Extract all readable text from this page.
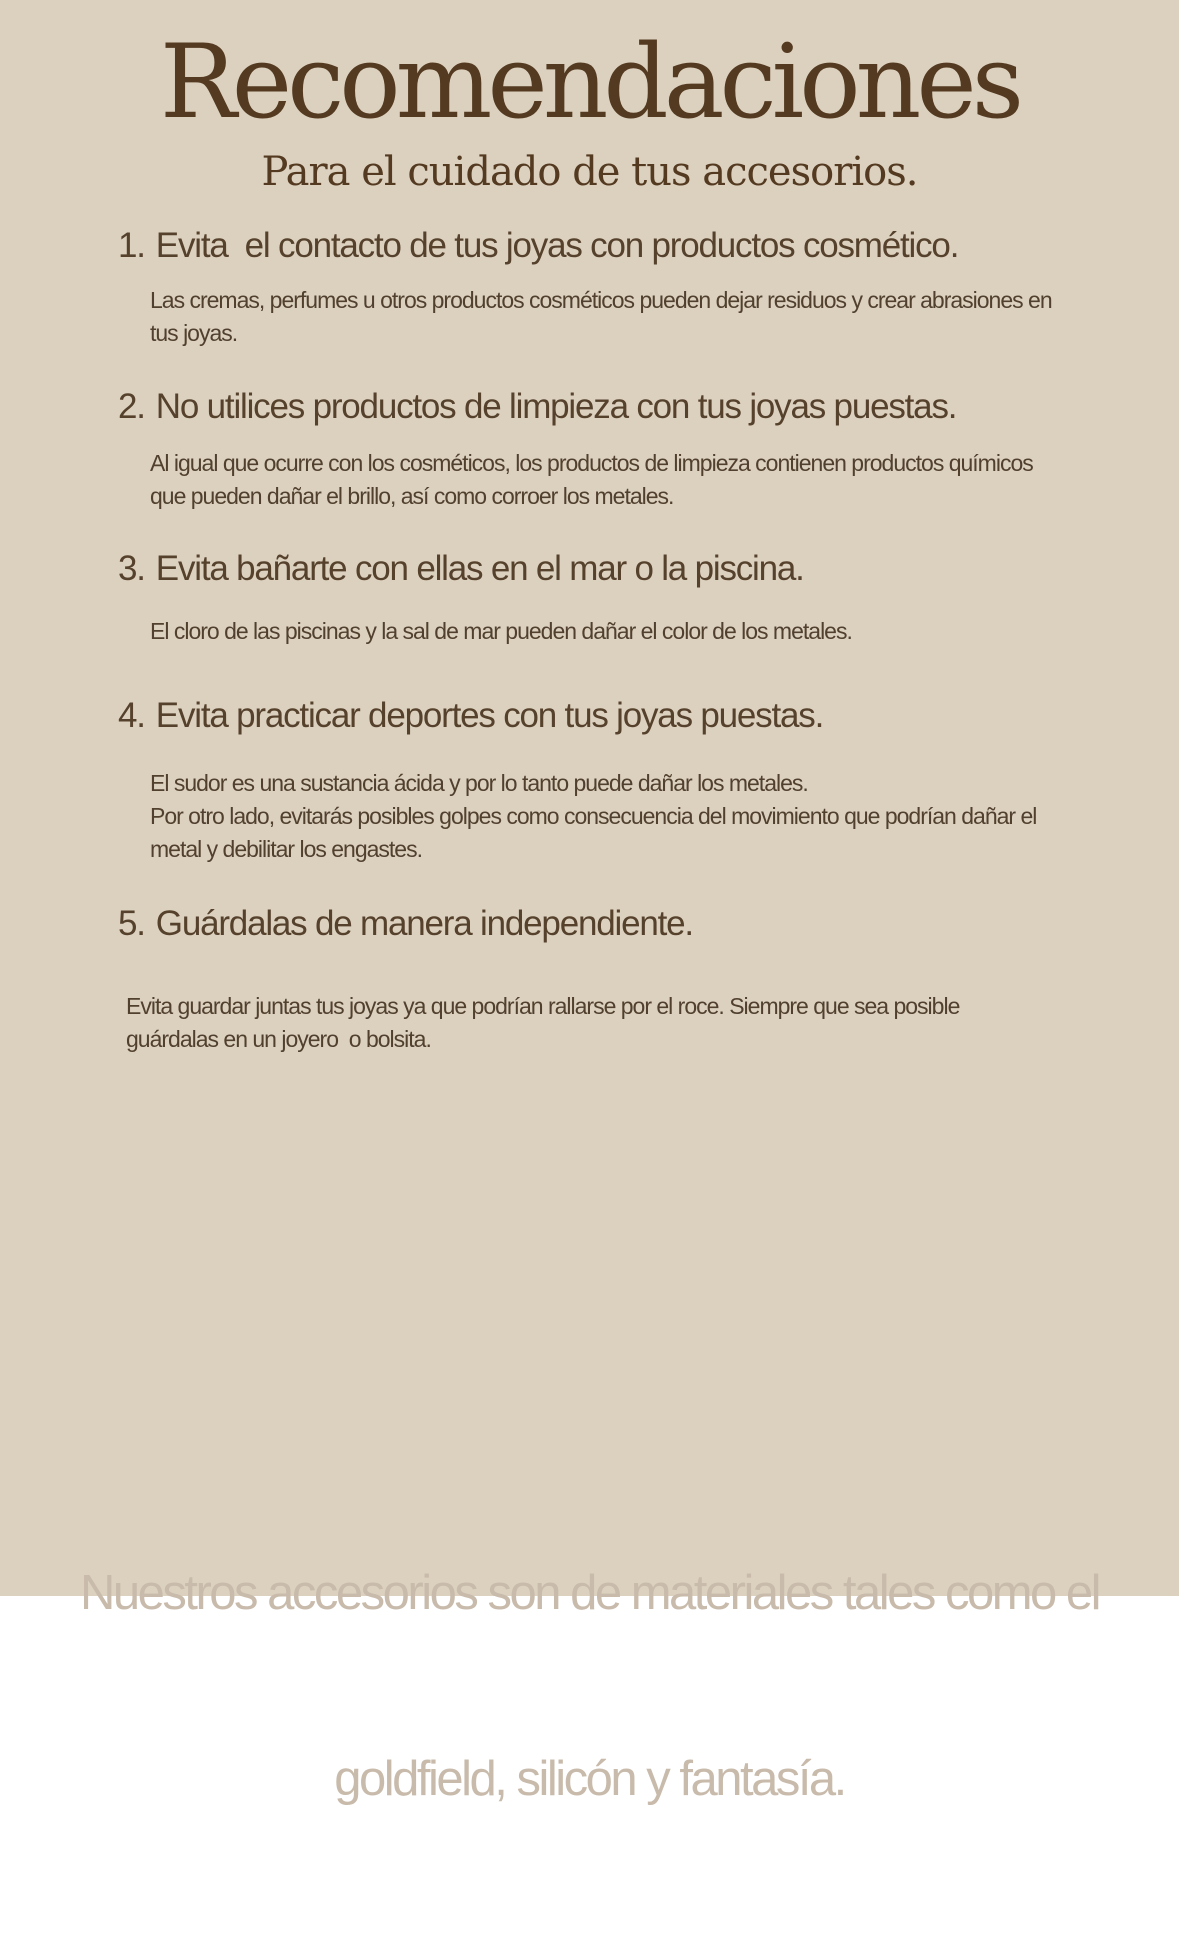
Recomendaciones
Para el cuidado de tus accesorios.
1. Evita  el contacto de tus joyas con productos cosmético.

Las cremas, perfumes u otros productos cosméticos pueden dejar residuos y crear abrasiones en tus joyas.

2. No utilices productos de limpieza con tus joyas puestas.

Al igual que ocurre con los cosméticos, los productos de limpieza contienen productos químicos que pueden dañar el brillo, así como corroer los metales.

3. Evita bañarte con ellas en el mar o la piscina.

El cloro de las piscinas y la sal de mar pueden dañar el color de los metales.

4. Evita practicar deportes con tus joyas puestas.

El sudor es una sustancia ácida y por lo tanto puede dañar los metales.

Por otro lado, evitarás posibles golpes como consecuencia del movimiento que podrían dañar el metal y debilitar los engastes.

5. Guárdalas de manera independiente.

Evita guardar juntas tus joyas ya que podrían rallarse por el roce. Siempre que sea posible guárdalas en un joyero  o bolsita.

Nuestros accesorios son de materiales tales como el

goldfield, silicón y fantasía.
